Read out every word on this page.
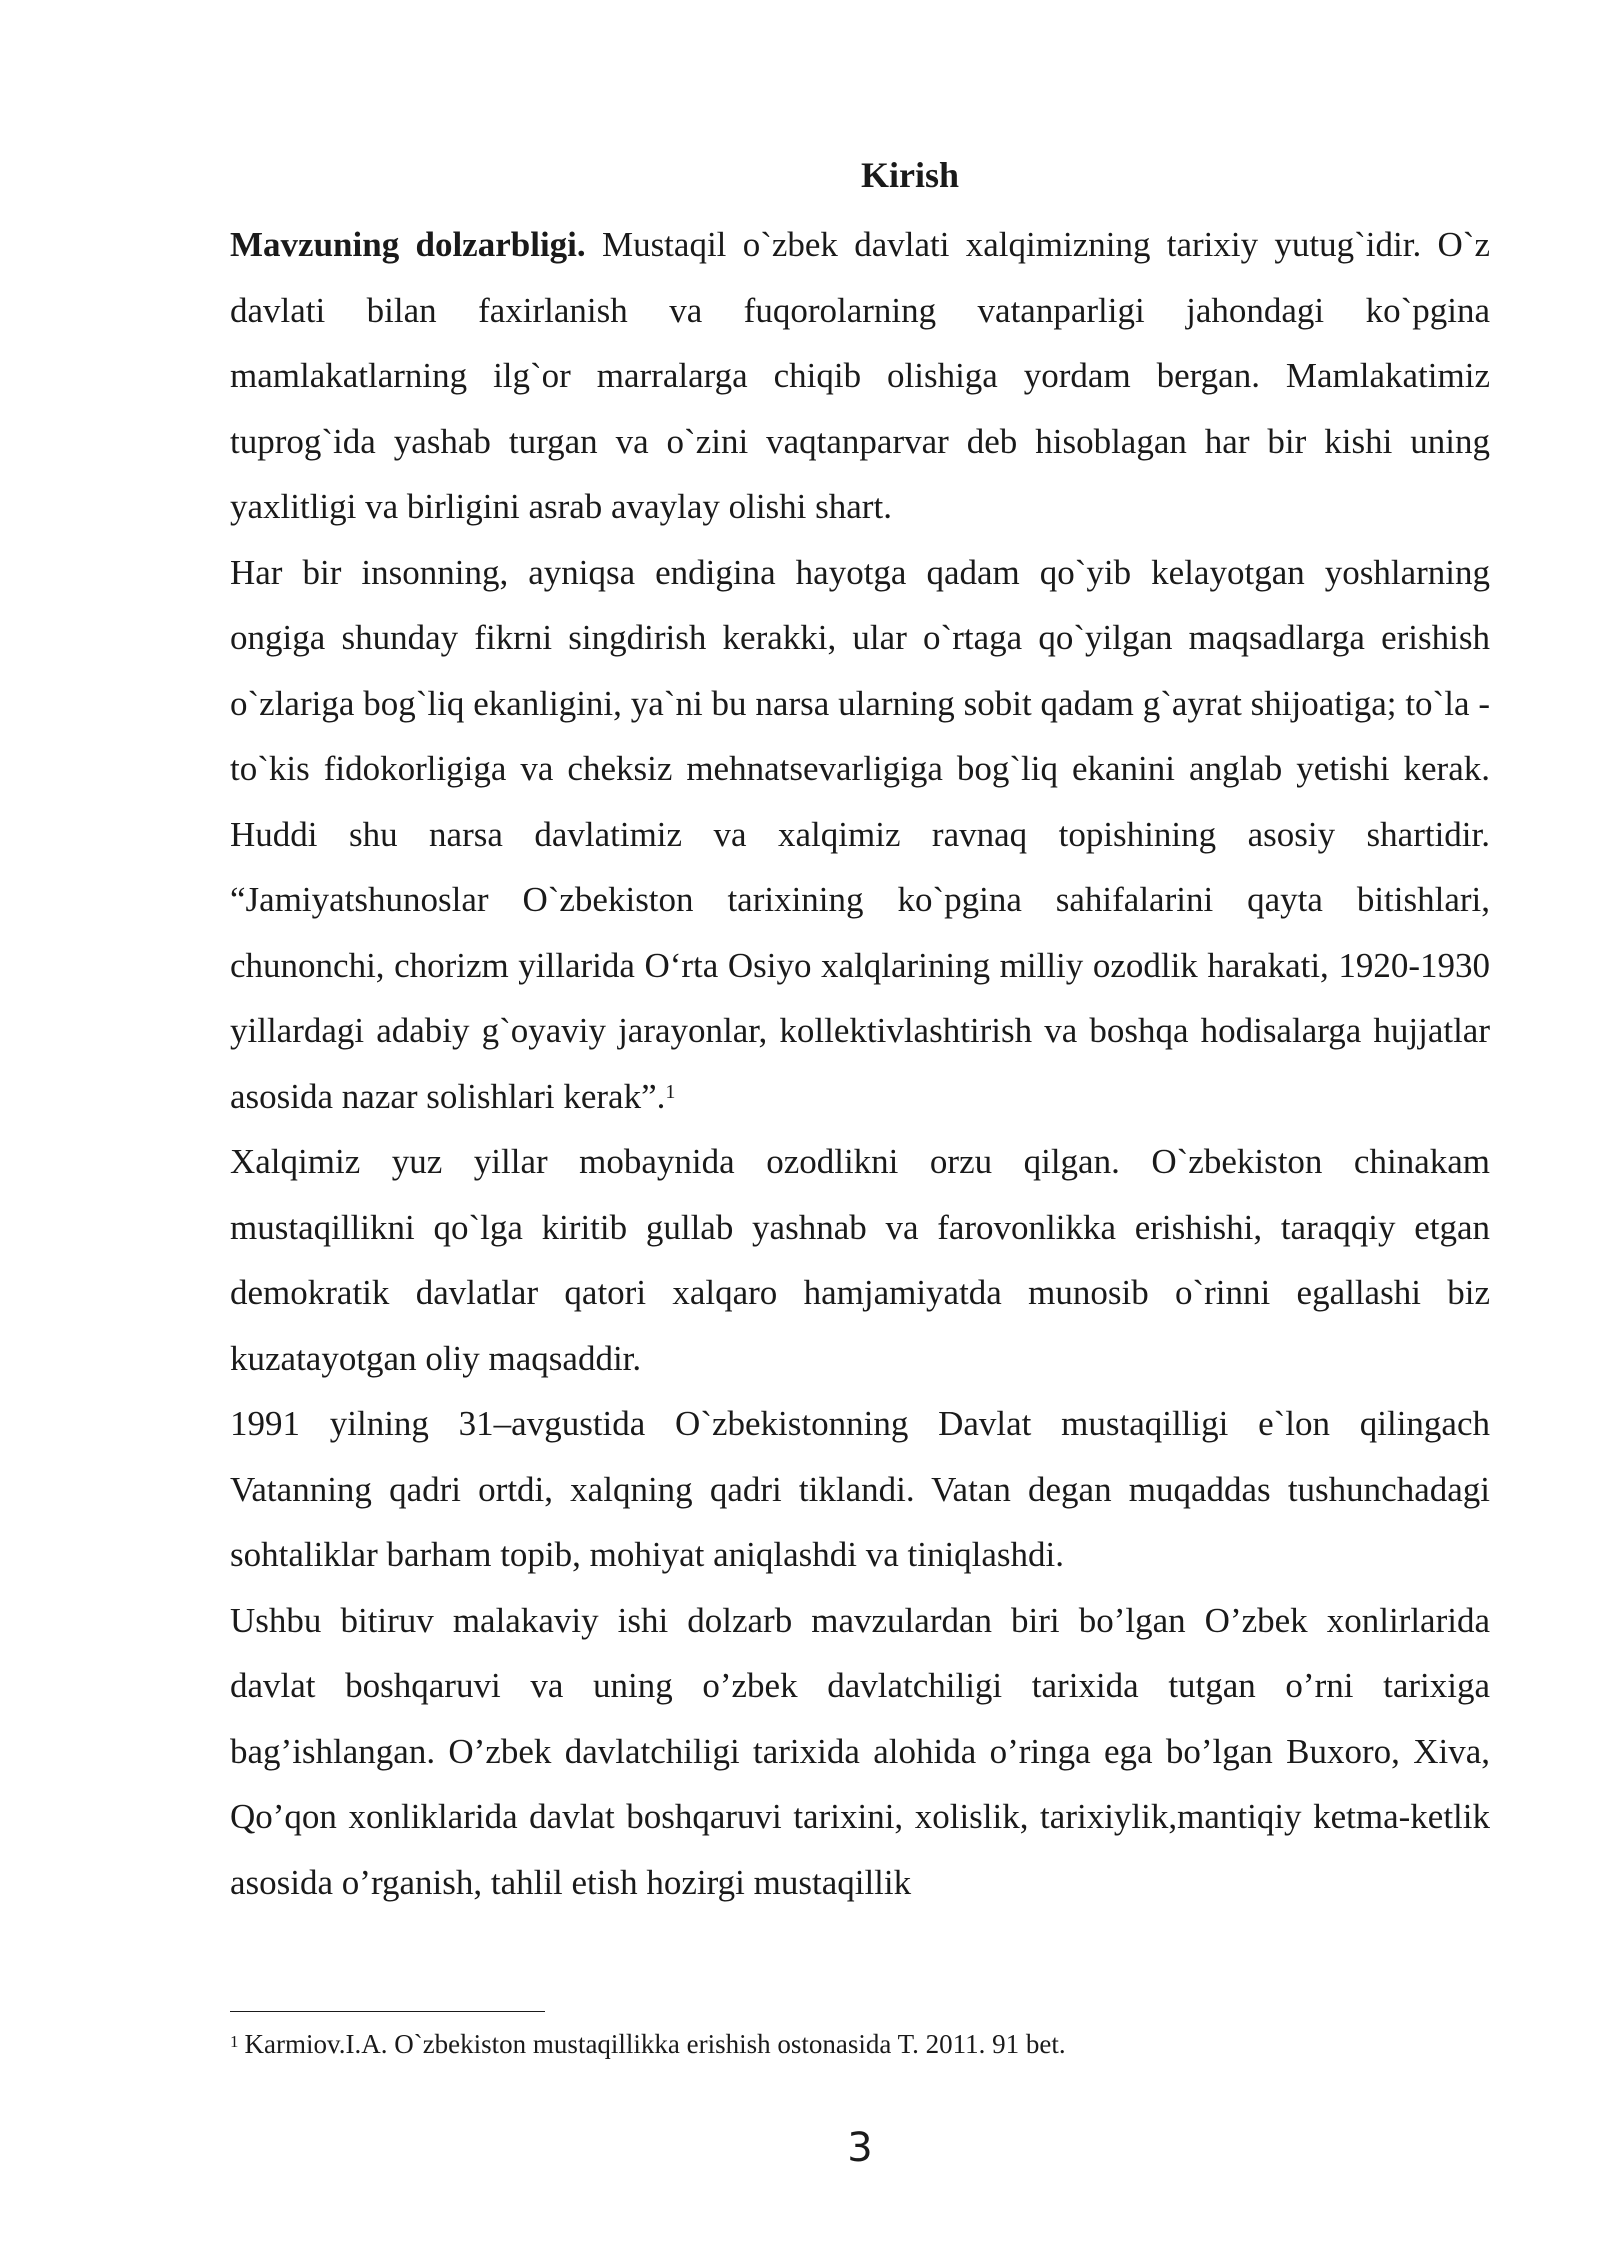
Kirish

Mavzuning dolzarbligi. Mustaqil o`zbek davlati xalqimizning tarixiy yutug`idir. O`z davlati bilan faxirlanish va fuqorolarning vatanparligi jahondagi ko`pgina mamlakatlarning ilg`or marralarga chiqib olishiga yordam bergan. Mamlakatimiz tuprog`ida yashab turgan va o`zini vaqtanparvar deb hisoblagan har bir kishi uning yaxlitligi va birligini asrab avaylay olishi shart.

Har bir insonning, ayniqsa endigina hayotga qadam qo`yib kelayotgan yoshlarning ongiga shunday fikrni singdirish kerakki, ular o`rtaga qo`yilgan maqsadlarga erishish o`zlariga bog`liq ekanligini, ya`ni bu narsa ularning sobit qadam g`ayrat shijoatiga; to`la -to`kis fidokorligiga va cheksiz mehnatsevarligiga bog`liq ekanini anglab yetishi kerak. Huddi shu narsa davlatimiz va xalqimiz ravnaq topishining asosiy shartidir. “Jamiyatshunoslar O`zbekiston tarixining ko`pgina sahifalarini qayta bitishlari, chunonchi, chorizm yillarida O‘rta Osiyo xalqlarining milliy ozodlik harakati, 1920-1930 yillardagi adabiy g`oyaviy jarayonlar, kollektivlashtirish va boshqa hodisalarga hujjatlar asosida nazar solishlari kerak”.$^1$

Xalqimiz yuz yillar mobaynida ozodlikni orzu qilgan. O`zbekiston chinakam mustaqillikni qo`lga kiritib gullab yashnab va farovonlikka erishishi, taraqqiy etgan demokratik davlatlar qatori xalqaro hamjamiyatda munosib o`rinni egallashi biz kuzatayotgan oliy maqsaddir.

1991 yilning 31–avgustida O`zbekistonning Davlat mustaqilligi e`lon qilingach Vatanning qadri ortdi, xalqning qadri tiklandi. Vatan degan muqaddas tushunchadagi sohtaliklar barham topib, mohiyat aniqlashdi va tiniqlashdi.

Ushbu bitiruv malakaviy ishi dolzarb mavzulardan biri bo’lgan O’zbek xonlirlarida davlat boshqaruvi va uning o’zbek davlatchiligi tarixida tutgan o’rni tarixiga bag’ishlangan. O’zbek davlatchiligi tarixida alohida o’ringa ega bo’lgan Buxoro, Xiva, Qo’qon xonliklarida davlat boshqaruvi tarixini, xolislik, tarixiylik,mantiqiy ketma-ketlik asosida o’rganish, tahlil etish hozirgi mustaqillik

$^1$ Karmiov.I.A. O`zbekiston mustaqillikka erishish ostonasida T. 2011. 91 bet.
3
